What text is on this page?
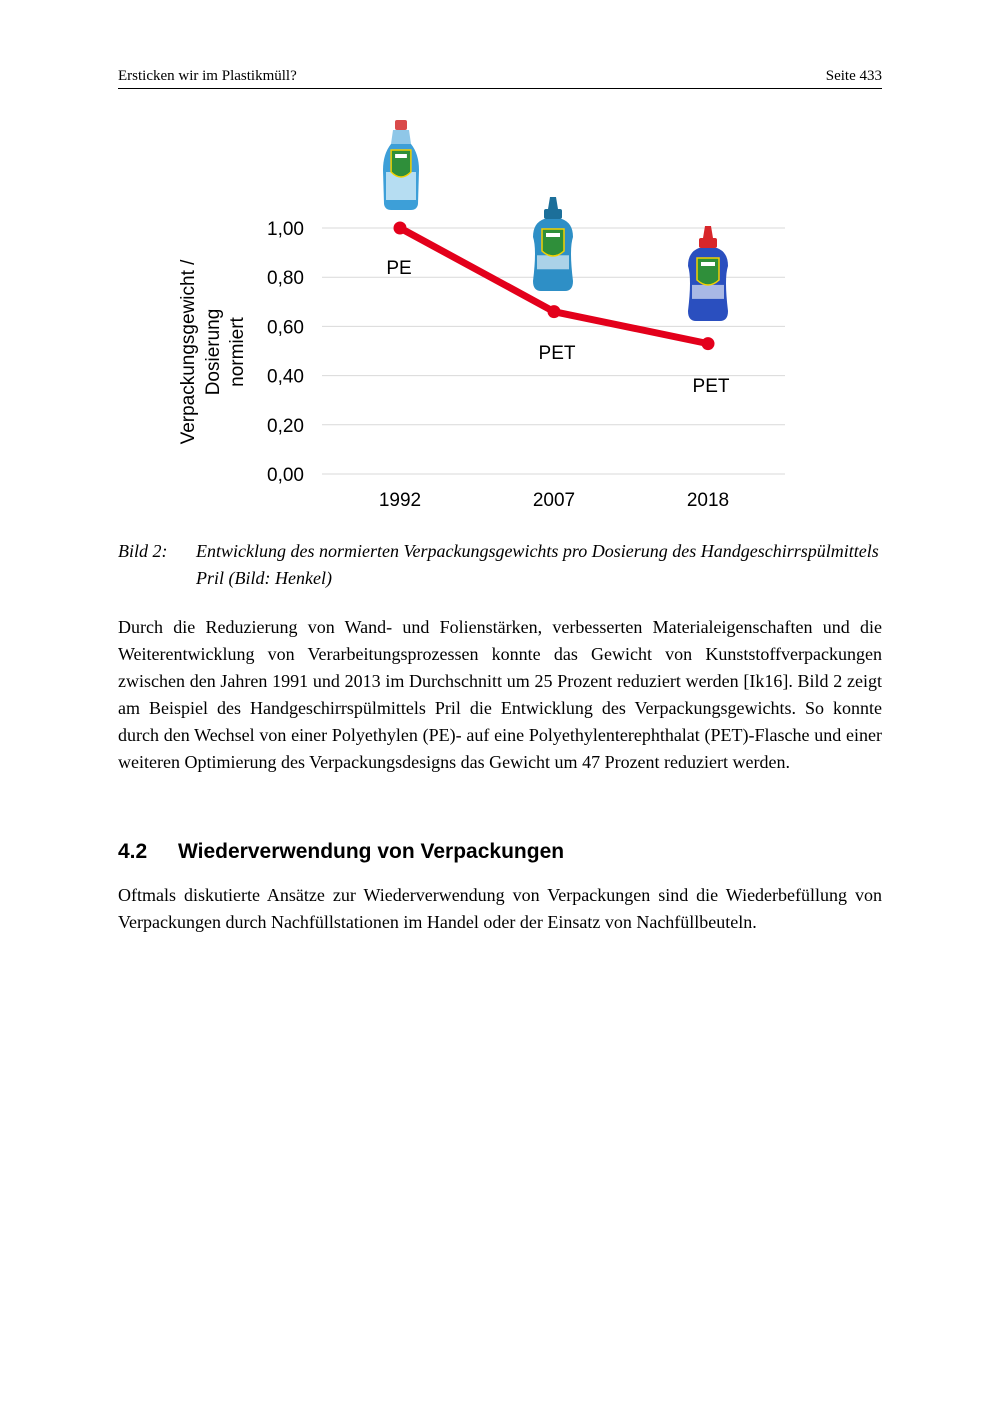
Ersticken wir im Plastikmüll?	Seite 433
0,00
0,20
0,40
0,60
0,80
1,00
1992	2007	2018
Verpackungsgewicht / Dosierung normiert
PE
PET
PET
Bild 2: Entwicklung des normierten Verpackungsgewichts pro Dosierung des Handgeschirrspülmittels Pril (Bild: Henkel)
Durch die Reduzierung von Wand- und Folienstärken, verbesserten Materialeigenschaften und die Weiterentwicklung von Verarbeitungsprozessen konnte das Gewicht von Kunststoffverpackungen zwischen den Jahren 1991 und 2013 im Durchschnitt um 25 Prozent reduziert werden [Ik16]. Bild 2 zeigt am Beispiel des Handgeschirrspülmittels Pril die Entwicklung des Verpackungsgewichts. So konnte durch den Wechsel von einer Polyethylen (PE)- auf eine Polyethylenterephthalat (PET)-Flasche und einer weiteren Optimierung des Verpackungsdesigns das Gewicht um 47 Prozent reduziert werden.
4.2 Wiederverwendung von Verpackungen
Oftmals diskutierte Ansätze zur Wiederverwendung von Verpackungen sind die Wiederbefüllung von Verpackungen durch Nachfüllstationen im Handel oder der Einsatz von Nachfüllbeuteln.
